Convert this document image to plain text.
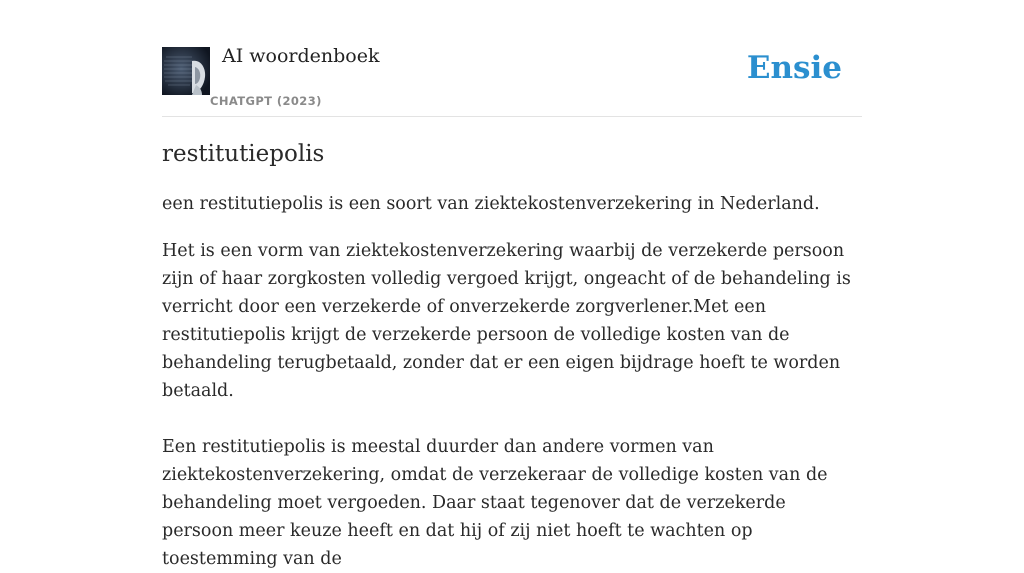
AI woordenboek
CHATGPT (2023)
Ensie
restitutiepolis

een restitutiepolis is een soort van ziektekostenverzekering in Nederland.

Het is een vorm van ziektekostenverzekering waarbij de verzekerde persoon zijn of haar zorgkosten volledig vergoed krijgt, ongeacht of de behandeling is verricht door een verzekerde of onverzekerde zorgverlener.Met een restitutiepolis krijgt de verzekerde persoon de volledige kosten van de behandeling terugbetaald, zonder dat er een eigen bijdrage hoeft te worden betaald.

Een restitutiepolis is meestal duurder dan andere vormen van ziektekostenverzekering, omdat de verzekeraar de volledige kosten van de behandeling moet vergoeden. Daar staat tegenover dat de verzekerde persoon meer keuze heeft en dat hij of zij niet hoeft te wachten op toestemming van de
